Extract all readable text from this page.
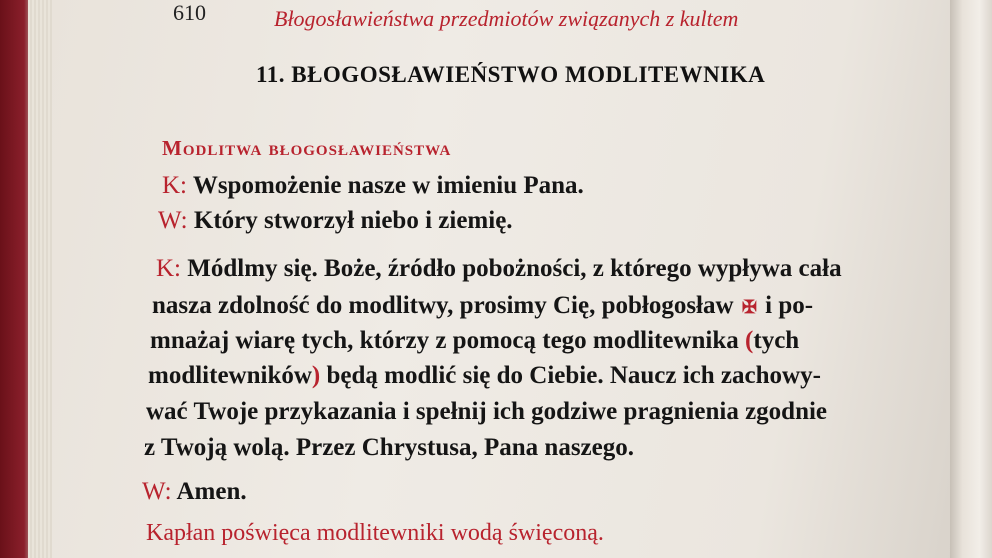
610	Błogosławieństwa przedmiotów związanych z kultem
11. BŁOGOSŁAWIEŃSTWO MODLITEWNIKA
Modlitwa błogosławieństwa
K: Wspomożenie nasze w imieniu Pana.
W: Który stworzył niebo i ziemię.
K: Módlmy się. Boże, źródło pobożności, z którego wypływa cała
nasza zdolność do modlitwy, prosimy Cię, pobłogosław ✠ i po-
mnażaj wiarę tych, którzy z pomocą tego modlitewnika (tych
modlitewników) będą modlić się do Ciebie. Naucz ich zachowy-
wać Twoje przykazania i spełnij ich godziwe pragnienia zgodnie
z Twoją wolą. Przez Chrystusa, Pana naszego.
W: Amen.
Kapłan poświęca modlitewniki wodą święconą.
